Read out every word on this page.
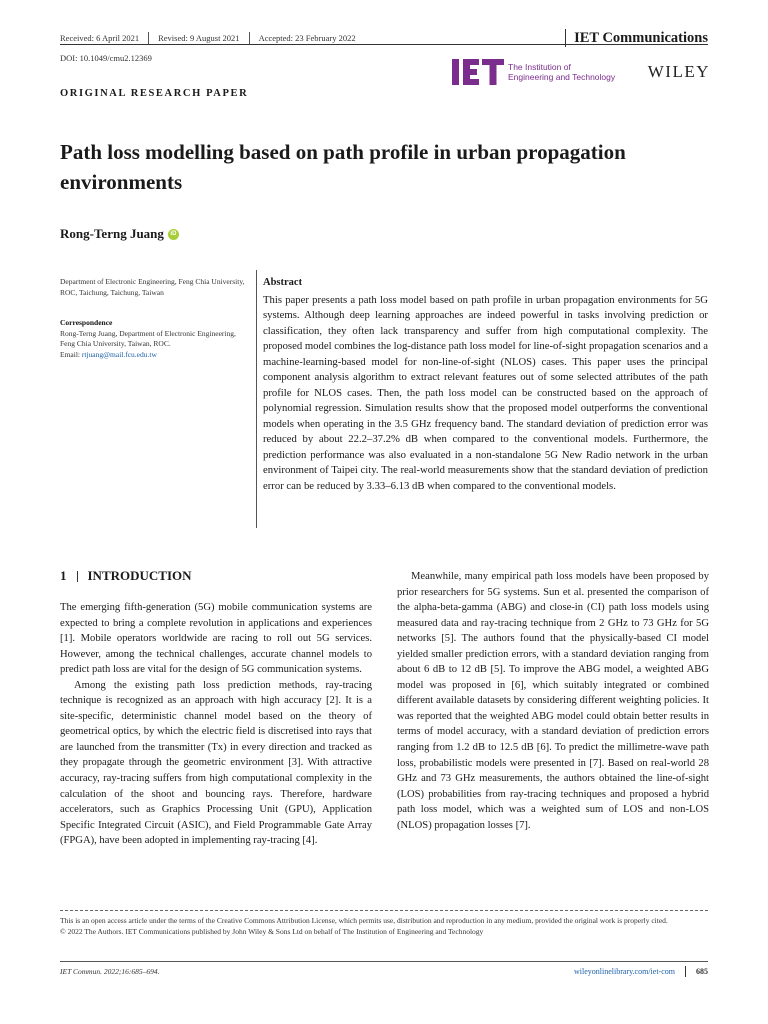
Received: 6 April 2021	Revised: 9 August 2021	Accepted: 23 February 2022	IET Communications
DOI: 10.1049/cmu2.12369
The Institution of
Engineering and Technology	WILEY
ORIGINAL RESEARCH PAPER
Path loss modelling based on path profile in urban propagation environments
Rong-Terng Juang	iD
Department of Electronic Engineering, Feng Chia University, ROC, Taichung, Taichung, Taiwan
Correspondence
Rong-Terng Juang, Department of Electronic Engineering, Feng Chia University, Taiwan, ROC.
Email: rtjuang@mail.fcu.edu.tw
Abstract
This paper presents a path loss model based on path profile in urban propagation environments for 5G systems. Although deep learning approaches are indeed powerful in tasks involving prediction or classification, they often lack transparency and suffer from high computational complexity. The proposed model combines the log-distance path loss model for line-of-sight propagation scenarios and a machine-learning-based model for non-line-of-sight (NLOS) cases. This paper uses the principal component analysis algorithm to extract relevant features out of some selected attributes of the path profile for NLOS cases. Then, the path loss model can be constructed based on the approach of polynomial regression. Simulation results show that the proposed model outperforms the conventional models when operating in the 3.5 GHz frequency band. The standard deviation of prediction error was reduced by about 22.2–37.2% dB when compared to the conventional models. Furthermore, the prediction performance was also evaluated in a non-standalone 5G New Radio network in the urban environment of Taipei city. The real-world measurements show that the standard deviation of prediction error can be reduced by 3.33–6.13 dB when compared to the conventional models.
1 INTRODUCTION

The emerging fifth-generation (5G) mobile communication systems are expected to bring a complete revolution in applications and experiences [1]. Mobile operators worldwide are racing to roll out 5G services. However, among the technical challenges, accurate channel models to predict path loss are vital for the design of 5G communication systems.

Among the existing path loss prediction methods, ray-tracing technique is recognized as an approach with high accuracy [2]. It is a site-specific, deterministic channel model based on the theory of geometrical optics, by which the electric field is discretised into rays that are launched from the transmitter (Tx) in every direction and tracked as they propagate through the geometric environment [3]. With attractive accuracy, ray-tracing suffers from high computational complexity in the calculation of the shoot and bouncing rays. Therefore, hardware accelerators, such as Graphics Processing Unit (GPU), Application Specific Integrated Circuit (ASIC), and Field Programmable Gate Array (FPGA), have been adopted in implementing ray-tracing [4].

Meanwhile, many empirical path loss models have been proposed by prior researchers for 5G systems. Sun et al. presented the comparison of the alpha-beta-gamma (ABG) and close-in (CI) path loss models using measured data and ray-tracing technique from 2 GHz to 73 GHz for 5G networks [5]. The authors found that the physically-based CI model yielded smaller prediction errors, with a standard deviation ranging from about 6 dB to 12 dB [5]. To improve the ABG model, a weighted ABG model was proposed in [6], which suitably integrated or combined different available datasets by considering different weighting policies. It was reported that the weighted ABG model could obtain better results in terms of model accuracy, with a standard deviation of prediction errors ranging from 1.2 dB to 12.5 dB [6]. To predict the millimetre-wave path loss, probabilistic models were presented in [7]. Based on real-world 28 GHz and 73 GHz measurements, the authors obtained the line-of-sight (LOS) probabilities from ray-tracing techniques and proposed a hybrid path loss model, which was a weighted sum of LOS and non-LOS (NLOS) propagation losses [7].

This is an open access article under the terms of the Creative Commons Attribution License, which permits use, distribution and reproduction in any medium, provided the original work is properly cited.

© 2022 The Authors. IET Communications published by John Wiley & Sons Ltd on behalf of The Institution of Engineering and Technology

IET Commun. 2022;16:685–694.	wileyonlinelibrary.com/iet-com	685
